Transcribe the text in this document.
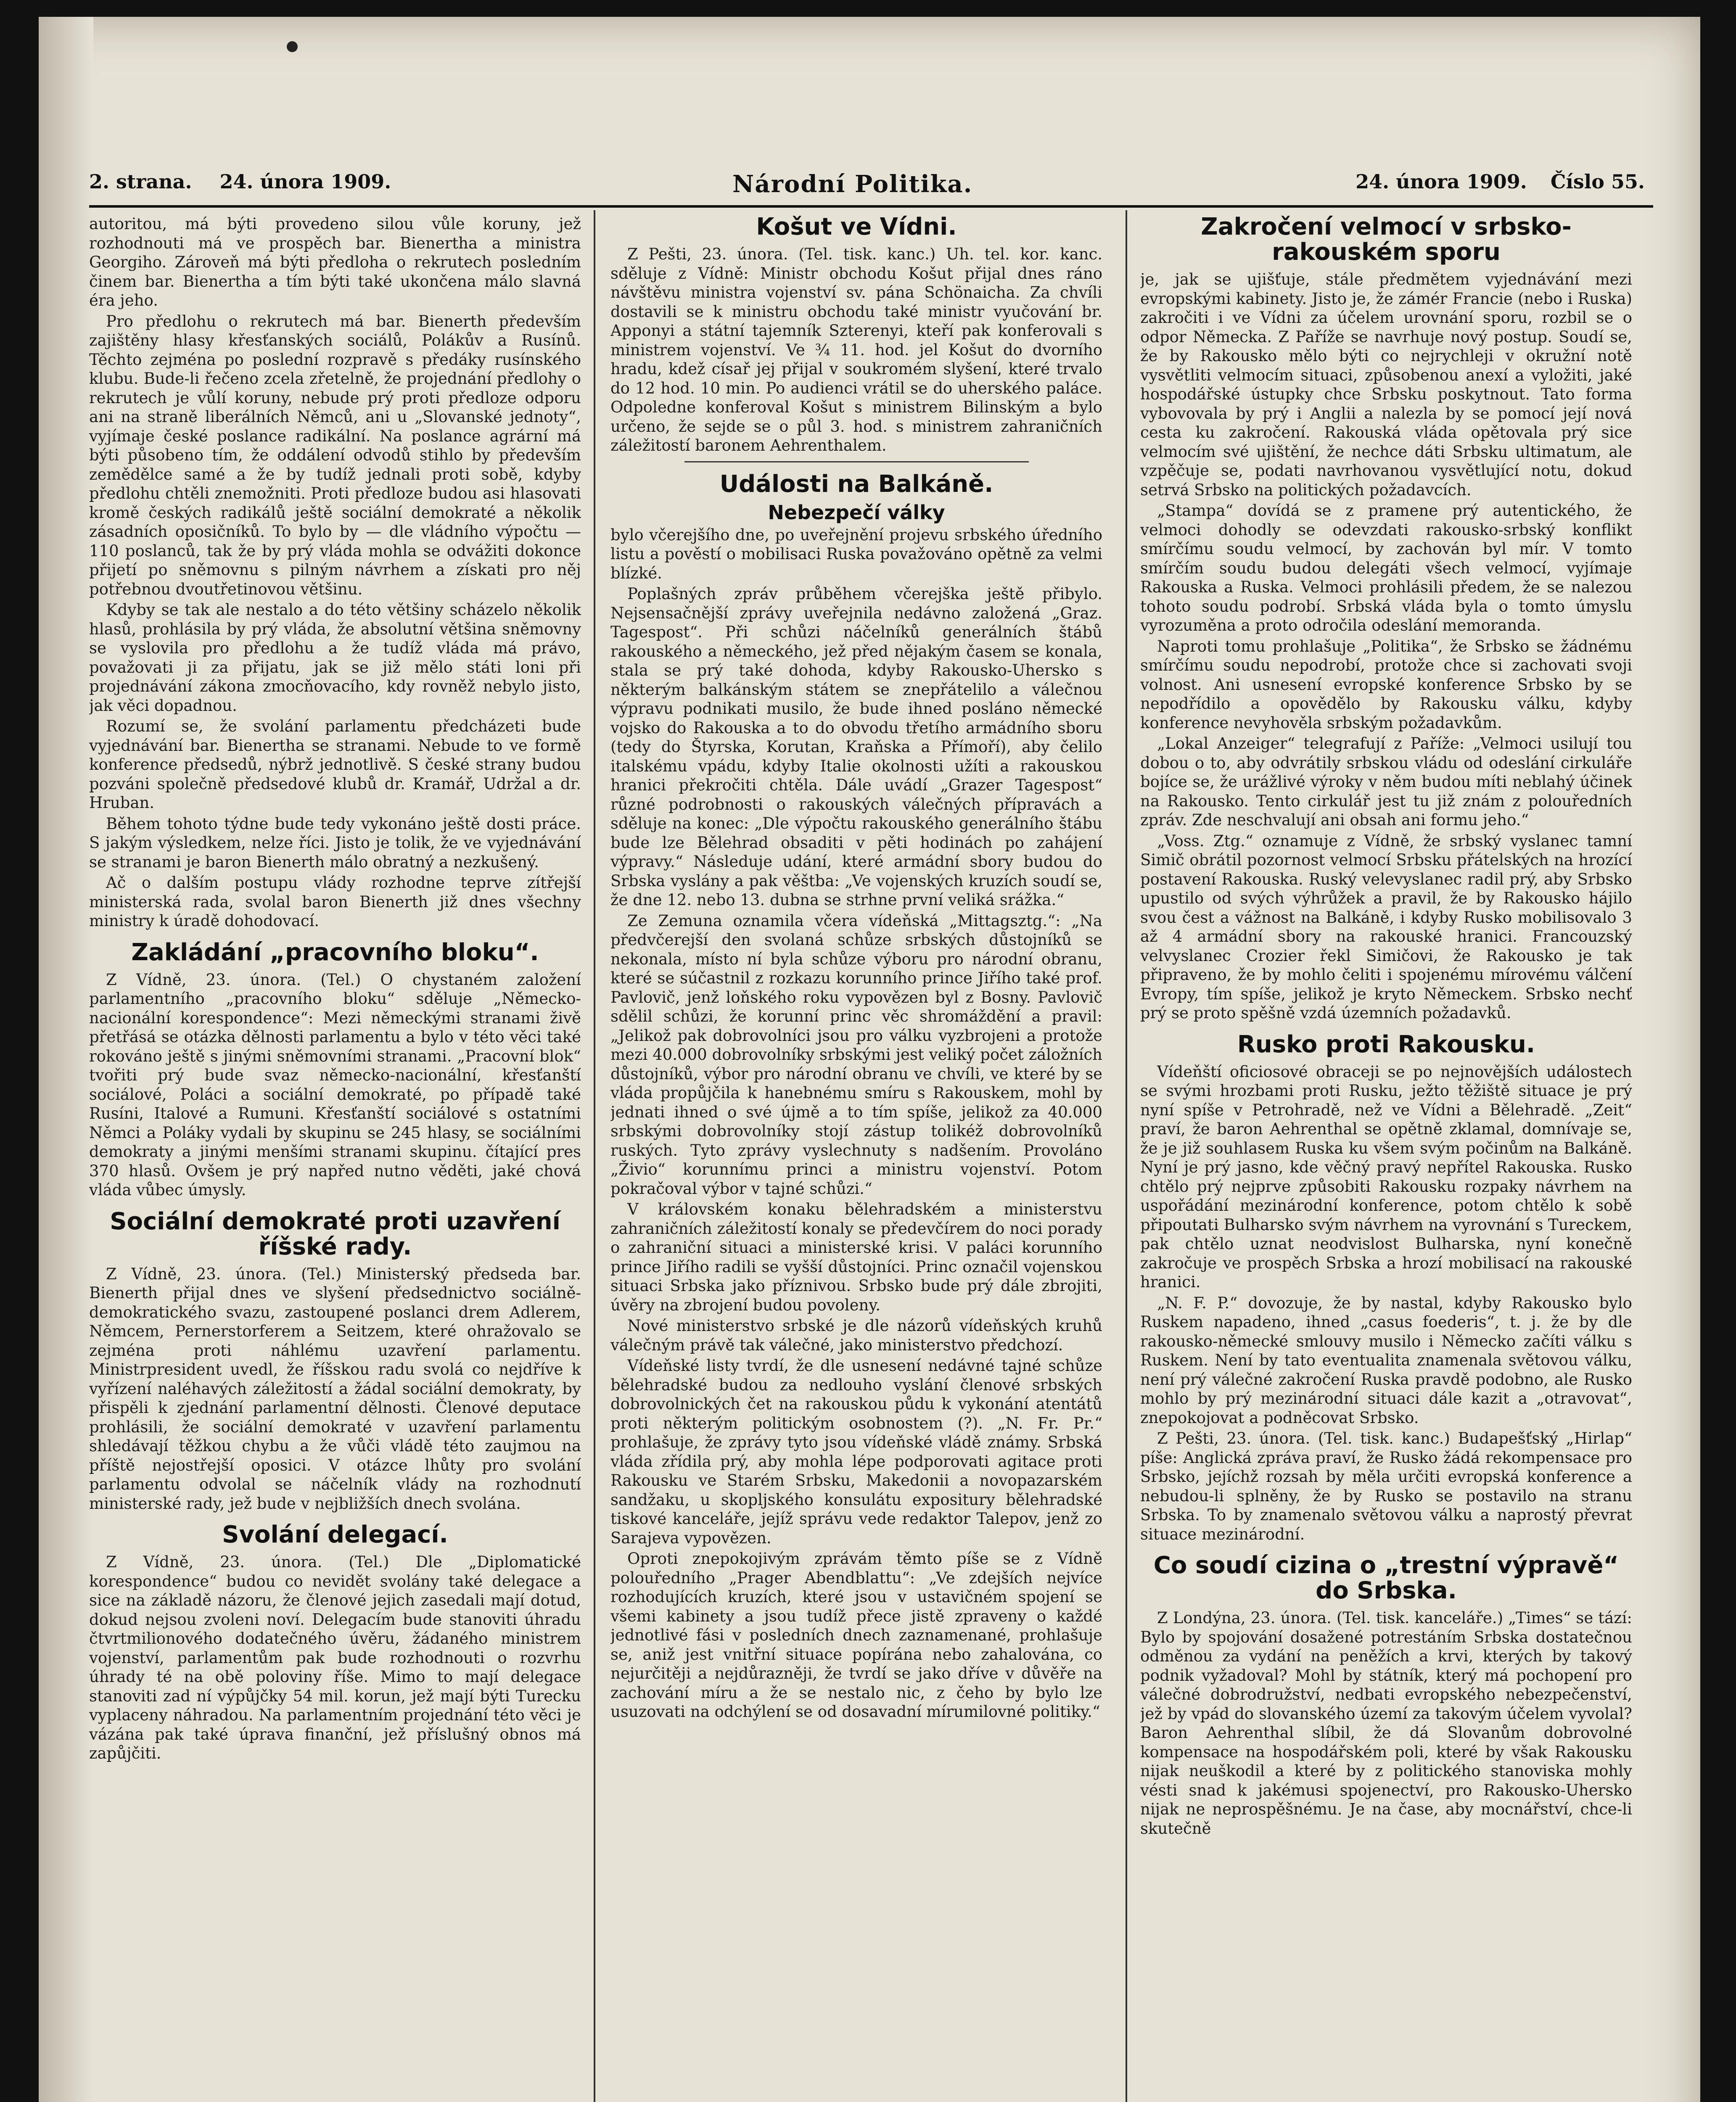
2. strana. 24. února 1909.	Národní Politika.	24. února 1909. Číslo 55.

autoritou, má býti provedeno silou vůle koruny, jež rozhodnouti má ve prospěch bar. Bienertha a ministra Georgiho. Zároveň má býti předloha o rekrutech posledním činem bar. Bienertha a tím býti také ukončena málo slavná éra jeho.

Pro předlohu o rekrutech má bar. Bienerth především zajištěny hlasy křesťanských sociálů, Polákův a Rusínů. Těchto zejména po poslední rozpravě s předáky rusínského klubu. Bude-li řečeno zcela zřetelně, že projednání předlohy o rekrutech je vůlí koruny, nebude prý proti předloze odporu ani na straně liberálních Němců, ani u „Slovanské jednoty“, vyjímaje české poslance radikální. Na poslance agrární má býti působeno tím, že oddálení odvodů stihlo by především zemědělce samé a že by tudíž jednali proti sobě, kdyby předlohu chtěli znemožniti. Proti předloze budou asi hlasovati kromě českých radikálů ještě sociální demokraté a několik zásadních oposičníků. To bylo by — dle vládního výpočtu — 110 poslanců, tak že by prý vláda mohla se odvážiti dokonce přijetí po sněmovnu s pilným návrhem a získati pro něj potřebnou dvoutřetinovou většinu.

Kdyby se tak ale nestalo a do této většiny scházelo několik hlasů, prohlásila by prý vláda, že absolutní většina sněmovny se vyslovila pro předlohu a že tudíž vláda má právo, považovati ji za přijatu, jak se již mělo státi loni při projednávání zákona zmocňovacího, kdy rovněž nebylo jisto, jak věci dopadnou.

Rozumí se, že svolání parlamentu předcházeti bude vyjednávání bar. Bienertha se stranami. Nebude to ve formě konference předsedů, nýbrž jednotlivě. S české strany budou pozváni společně předsedové klubů dr. Kramář, Udržal a dr. Hruban.

Během tohoto týdne bude tedy vykonáno ještě dosti práce. S jakým výsledkem, nelze říci. Jisto je tolik, že ve vyjednávání se stranami je baron Bienerth málo obratný a nezkušený.

Ač o dalším postupu vlády rozhodne teprve zítřejší ministerská rada, svolal baron Bienerth již dnes všechny ministry k úradě dohodovací.

Zakládání „pracovního bloku“.

Z Vídně, 23. února. (Tel.) O chystaném založení parlamentního „pracovního bloku“ sděluje „Německo-nacionální korespondence“: Mezi německými stranami živě přetřásá se otázka dělnosti parlamentu a bylo v této věci také rokováno ještě s jinými sněmovními stranami. „Pracovní blok“ tvořiti prý bude svaz německo-nacionální, křesťanští sociálové, Poláci a sociální demokraté, po případě také Rusíni, Italové a Rumuni. Křesťanští sociálové s ostatními Němci a Poláky vydali by skupinu se 245 hlasy, se sociálními demokraty a jinými menšími stranami skupinu. čítající pres 370 hlasů. Ovšem je prý napřed nutno věděti, jaké chová vláda vůbec úmysly.

Sociální demokraté proti uzavření říšské rady.

Z Vídně, 23. února. (Tel.) Ministerský předseda bar. Bienerth přijal dnes ve slyšení předsednictvo sociálně-demokratického svazu, zastoupené poslanci drem Adlerem, Němcem, Pernerstorferem a Seitzem, které ohražovalo se zejména proti náhlému uzavření parlamentu. Ministrpresident uvedl, že říšskou radu svolá co nejdříve k vyřízení naléhavých záležitostí a žádal sociální demokraty, by přispěli k zjednání parlamentní dělnosti. Členové deputace prohlásili, že sociální demokraté v uzavření parlamentu shledávají těžkou chybu a že vůči vládě této zaujmou na příště nejostřejší oposici. V otázce lhůty pro svolání parlamentu odvolal se náčelník vlády na rozhodnutí ministerské rady, jež bude v nejbližších dnech svolána.

Svolání delegací.

Z Vídně, 23. února. (Tel.) Dle „Diplomatické korespondence“ budou co nevidět svolány také delegace a sice na základě názoru, že členové jejich zasedali mají dotud, dokud nejsou zvoleni noví. Delegacím bude stanoviti úhradu čtvrtmilionového dodatečného úvěru, žádaného ministrem vojenství, parlamentům pak bude rozhodnouti o rozvrhu úhrady té na obě poloviny říše. Mimo to mají delegace stanoviti zad ní výpůjčky 54 mil. korun, jež mají býti Turecku vyplaceny náhradou. Na parlamentním projednání této věci je vázána pak také úprava finanční, jež příslušný obnos má zapůjčiti.

Košut ve Vídni.

Z Pešti, 23. února. (Tel. tisk. kanc.) Uh. tel. kor. kanc. sděluje z Vídně: Ministr obchodu Košut přijal dnes ráno návštěvu ministra vojenství sv. pána Schönaicha. Za chvíli dostavili se k ministru obchodu také ministr vyučování br. Apponyi a státní tajemník Szterenyi, kteří pak konferovali s ministrem vojenství. Ve ¾ 11. hod. jel Košut do dvorního hradu, kdež císař jej přijal v soukromém slyšení, které trvalo do 12 hod. 10 min. Po audienci vrátil se do uherského paláce. Odpoledne konferoval Košut s ministrem Bilinským a bylo určeno, že sejde se o půl 3. hod. s ministrem zahraničních záležitostí baronem Aehrenthalem.

Události na Balkáně.
Nebezpečí války

bylo včerejšího dne, po uveřejnění projevu srbského úředního listu a pověstí o mobilisaci Ruska považováno opětně za velmi blízké.

Poplašných zpráv průběhem včerejška ještě přibylo. Nejsensačnější zprávy uveřejnila nedávno založená „Graz. Tagespost“. Při schůzi náčelníků generálních štábů rakouského a německého, jež před nějakým časem se konala, stala se prý také dohoda, kdyby Rakousko-Uhersko s některým balkánským státem se znepřátelilo a válečnou výpravu podnikati musilo, že bude ihned posláno německé vojsko do Rakouska a to do obvodu třetího armádního sboru (tedy do Štyrska, Korutan, Kraňska a Přímoří), aby čelilo italskému vpádu, kdyby Italie okolnosti užíti a rakouskou hranici překročiti chtěla. Dále uvádí „Grazer Tagespost“ různé podrobnosti o rakouských válečných přípravách a sděluje na konec: „Dle výpočtu rakouského generálního štábu bude lze Bělehrad obsaditi v pěti hodinách po zahájení výpravy.“ Následuje udání, které armádní sbory budou do Srbska vyslány a pak věštba: „Ve vojenských kruzích soudí se, že dne 12. nebo 13. dubna se strhne první veliká srážka.“

Ze Zemuna oznamila včera vídeňská „Mittagsztg.“: „Na předvčerejší den svolaná schůze srbských důstojníků se nekonala, místo ní byla schůze výboru pro národní obranu, které se súčastnil z rozkazu korunního prince Jiřího také prof. Pavlovič, jenž loňského roku vypovězen byl z Bosny. Pavlovič sdělil schůzi, že korunní princ věc shromáždění a pravil: „Jelikož pak dobrovolníci jsou pro válku vyzbrojeni a protože mezi 40.000 dobrovolníky srbskými jest veliký počet záložních důstojníků, výbor pro národní obranu ve chvíli, ve které by se vláda propůjčila k hanebnému smíru s Rakouskem, mohl by jednati ihned o své újmě a to tím spíše, jelikož za 40.000 srbskými dobrovolníky stojí zástup tolikéž dobrovolníků ruských. Tyto zprávy vyslechnuty s nadšením. Provoláno „Živio“ korunnímu princi a ministru vojenství. Potom pokračoval výbor v tajné schůzi.“

V královském konaku bělehradském a ministerstvu zahraničních záležitostí konaly se předevčírem do noci porady o zahraniční situaci a ministerské krisi. V paláci korunního prince Jiřího radili se vyšší důstojníci. Princ označil vojenskou situaci Srbska jako příznivou. Srbsko bude prý dále zbrojiti, úvěry na zbrojení budou povoleny.

Nové ministerstvo srbské je dle názorů vídeňských kruhů válečným právě tak válečné, jako ministerstvo předchozí.

Vídeňské listy tvrdí, že dle usnesení nedávné tajné schůze bělehradské budou za nedlouho vyslání členové srbských dobrovolnických čet na rakouskou půdu k vykonání atentátů proti některým politickým osobnostem (?). „N. Fr. Pr.“ prohlašuje, že zprávy tyto jsou vídeňské vládě známy. Srbská vláda zřídila prý, aby mohla lépe podporovati agitace proti Rakousku ve Starém Srbsku, Makedonii a novopazarském sandžaku, u skopljského konsulátu expositury bělehradské tiskové kanceláře, jejíž správu vede redaktor Talepov, jenž zo Sarajeva vypovězen.

Oproti znepokojivým zprávám těmto píše se z Vídně polouředního „Prager Abendblattu“: „Ve zdejších nejvíce rozhodujících kruzích, které jsou v ustavičném spojení se všemi kabinety a jsou tudíž přece jistě zpraveny o každé jednotlivé fási v posledních dnech zaznamenané, prohlašuje se, aniž jest vnitřní situace popírána nebo zahalována, co nejurčitěji a nejdůrazněji, že tvrdí se jako dříve v důvěře na zachování míru a že se nestalo nic, z čeho by bylo lze usuzovati na odchýlení se od dosavadní mírumilovné politiky.“

Zakročení velmocí v srbsko-rakouském sporu

je, jak se ujišťuje, stále předmětem vyjednávání mezi evropskými kabinety. Jisto je, že zámér Francie (nebo i Ruska) zakročiti i ve Vídni za účelem urovnání sporu, rozbil se o odpor Německa. Z Paříže se navrhuje nový postup. Soudí se, že by Rakousko mělo býti co nejrychleji v okružní notě vysvětliti velmocím situaci, způsobenou anexí a vyložiti, jaké hospodářské ústupky chce Srbsku poskytnout. Tato forma vybovovala by prý i Anglii a nalezla by se pomocí její nová cesta ku zakročení. Rakouská vláda opětovala prý sice velmocím své ujištění, že nechce dáti Srbsku ultimatum, ale vzpěčuje se, podati navrhovanou vysvětlující notu, dokud setrvá Srbsko na politických požadavcích.

„Stampa“ dovídá se z pramene prý autentického, že velmoci dohodly se odevzdati rakousko-srbský konflikt smírčímu soudu velmocí, by zachován byl mír. V tomto smírčím soudu budou delegáti všech velmocí, vyjímaje Rakouska a Ruska. Velmoci prohlásili předem, že se nalezou tohoto soudu podrobí. Srbská vláda byla o tomto úmyslu vyrozuměna a proto odročila odeslání memoranda.

Naproti tomu prohlašuje „Politika“, že Srbsko se žádnému smírčímu soudu nepodrobí, protože chce si zachovati svoji volnost. Ani usnesení evropské konference Srbsko by se nepodřídilo a opovědělo by Rakousku válku, kdyby konference nevyhověla srbským požadavkům.

„Lokal Anzeiger“ telegrafují z Paříže: „Velmoci usilují tou dobou o to, aby odvrátily srbskou vládu od odeslání cirkuláře bojíce se, že urážlivé výroky v něm budou míti neblahý účinek na Rakousko. Tento cirkulář jest tu již znám z polouředních zpráv. Zde neschvalují ani obsah ani formu jeho.“

„Voss. Ztg.“ oznamuje z Vídně, že srbský vyslanec tamní Simič obrátil pozornost velmocí Srbsku přátelských na hrozící postavení Rakouska. Ruský velevyslanec radil prý, aby Srbsko upustilo od svých výhrůžek a pravil, že by Rakousko hájilo svou čest a vážnost na Balkáně, i kdyby Rusko mobilisovalo 3 až 4 armádní sbory na rakouské hranici. Francouzský velvyslanec Crozier řekl Simičovi, že Rakousko je tak připraveno, že by mohlo čeliti i spojenému mírovému válčení Evropy, tím spíše, jelikož je kryto Německem. Srbsko nechť prý se proto spěšně vzdá územních požadavků.

Rusko proti Rakousku.

Vídeňští oficiosové obraceji se po nejnovějších událostech se svými hrozbami proti Rusku, ježto těžiště situace je prý nyní spíše v Petrohradě, než ve Vídni a Bělehradě. „Zeit“ praví, že baron Aehrenthal se opětně zklamal, domnívaje se, že je již souhlasem Ruska ku všem svým počinům na Balkáně. Nyní je prý jasno, kde věčný pravý nepřítel Rakouska. Rusko chtělo prý nejprve způsobiti Rakousku rozpaky návrhem na uspořádání mezinárodní konference, potom chtělo k sobě připoutati Bulharsko svým návrhem na vyrovnání s Tureckem, pak chtělo uznat neodvislost Bulharska, nyní konečně zakročuje ve prospěch Srbska a hrozí mobilisací na rakouské hranici.

„N. F. P.“ dovozuje, že by nastal, kdyby Rakousko bylo Ruskem napadeno, ihned „casus foederis“, t. j. že by dle rakousko-německé smlouvy musilo i Německo začíti válku s Ruskem. Není by tato eventualita znamenala světovou válku, není prý válečné zakročení Ruska pravdě podobno, ale Rusko mohlo by prý mezinárodní situaci dále kazit a „otravovat“, znepokojovat a podněcovat Srbsko.

Z Pešti, 23. února. (Tel. tisk. kanc.) Budapešťský „Hirlap“ píše: Anglická zpráva praví, že Rusko žádá rekompensace pro Srbsko, jejíchž rozsah by měla určiti evropská konference a nebudou-li splněny, že by Rusko se postavilo na stranu Srbska. To by znamenalo světovou válku a naprostý převrat situace mezinárodní.

Co soudí cizina o „trestní výpravě“ do Srbska.

Z Londýna, 23. února. (Tel. tisk. kanceláře.) „Times“ se tází: Bylo by spojování dosažené potrestáním Srbska dostatečnou odměnou za vydání na peněžích a krvi, kterých by takový podnik vyžadoval? Mohl by státník, který má pochopení pro válečné dobrodružství, nedbati evropského nebezpečenství, jež by vpád do slovanského území za takovým účelem vyvolal? Baron Aehrenthal slíbil, že dá Slovanům dobrovolné kompensace na hospodářském poli, které by však Rakousku nijak neuškodil a které by z politického stanoviska mohly vésti snad k jakémusi spojenectví, pro Rakousko-Uhersko nijak ne neprospěšnému. Je na čase, aby mocnářství, chce-li skutečně
